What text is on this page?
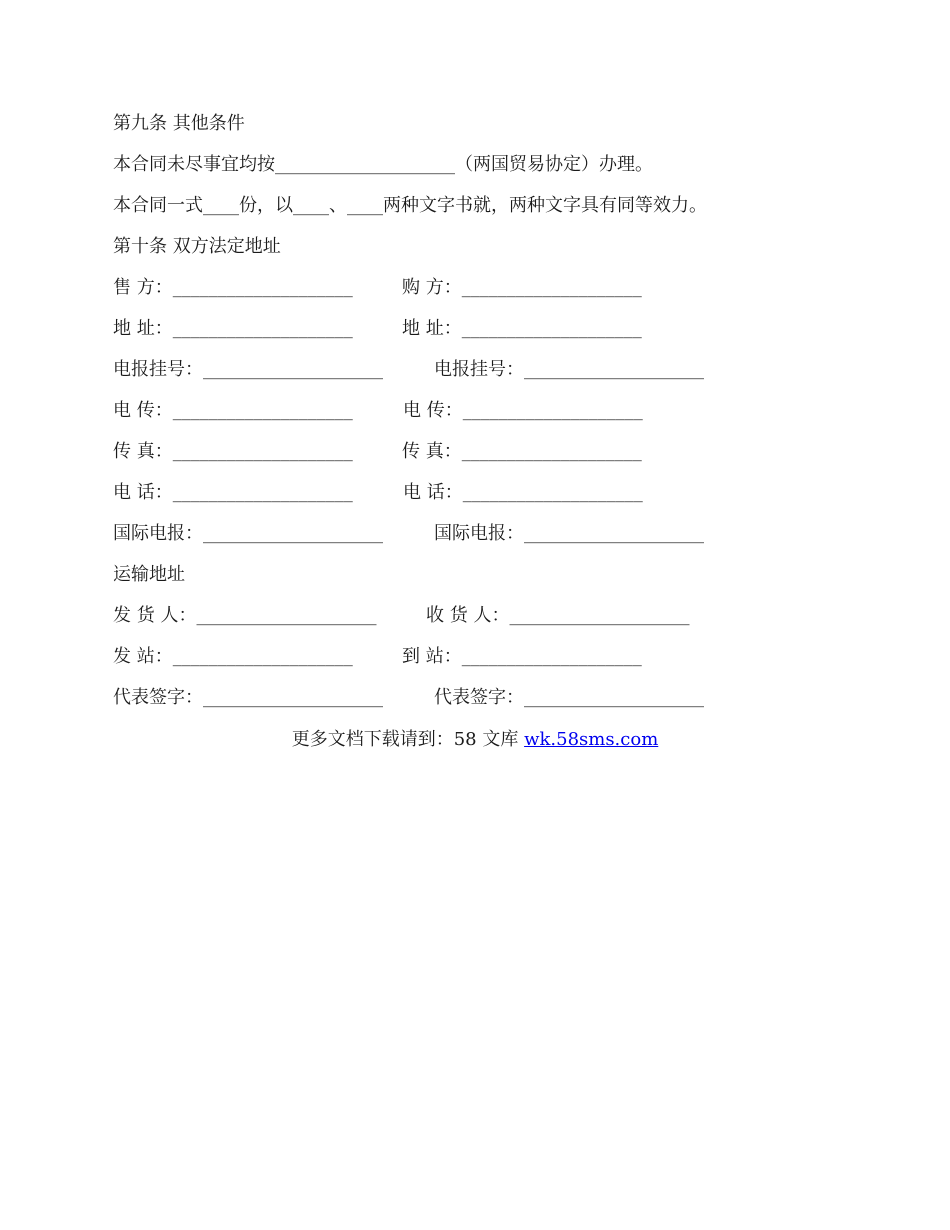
第九条 其他条件
本合同未尽事宜均按____________________（两国贸易协定）办理。
本合同一式____份，以____、____两种文字书就，两种文字具有同等效力。
第十条 双方法定地址
售 方：____________________	购 方：____________________
地 址：____________________	地 址：____________________
电报挂号：____________________	电报挂号：____________________
电 传：____________________	电 传：____________________
传 真：____________________	传 真：____________________
电 话：____________________	电 话：____________________
国际电报：____________________	国际电报：____________________
运输地址
发 货 人：____________________	收 货 人：____________________
发 站：____________________	到 站：____________________
代表签字：____________________	代表签字：____________________
更多文档下载请到：58 文库 wk.58sms.com
